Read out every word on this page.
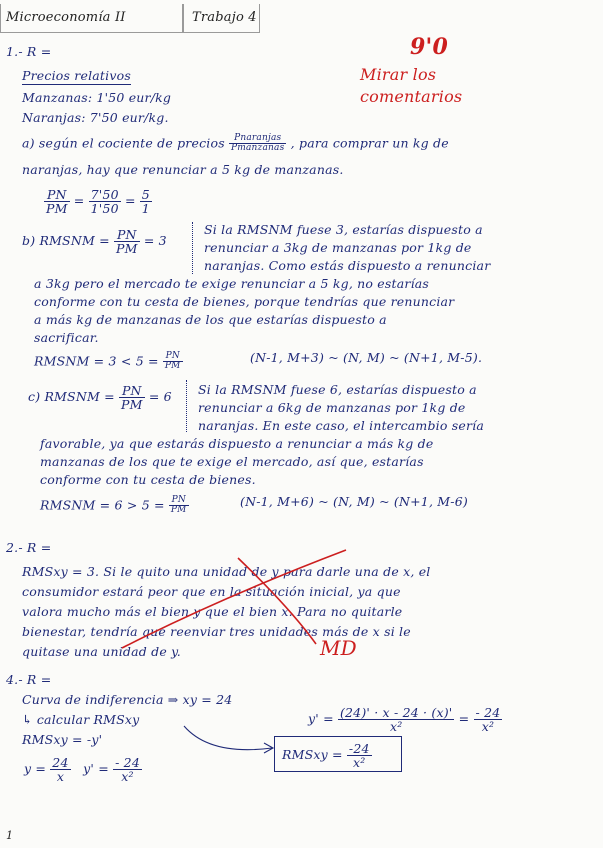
Microeconomía II	Trabajo 4
9'0
Mirar los comentarios
MD
1.- R =
Precios relativos
Manzanas: 1'50 eur/kg
Naranjas: 7'50 eur/kg.
a) según el cociente de precios $\frac{\text{Pnaranjas}}{\text{Pmanzanas}}$ , para comprar un kg de
naranjas, hay que renunciar a 5 kg de manzanas.
$\frac{PN}{PM} = \frac{7'50}{1'50} = \frac{5}{1}$
b) RMSNM = $\frac{PN}{PM} = 3$
Si la RMSNM fuese 3, estarías dispuesto a
renunciar a 3kg de manzanas por 1kg de
naranjas. Como estás dispuesto a renunciar
a 3kg pero el mercado te exige renunciar a 5 kg, no estarías
conforme con tu cesta de bienes, porque tendrías que renunciar
a más kg de manzanas de los que estarías dispuesto a
sacrificar.
RMSNM = $3 < 5 = \frac{PN}{PM}$	(N-1, M+3) ~ (N, M) ~ (N+1, M-5).
c) RMSNM = $\frac{PN}{PM} = 6$ Si la RMSNM fuese 6, estarías dispuesto a
renunciar a 6kg de manzanas por 1kg de
naranjas. En este caso, el intercambio sería
favorable, ya que estarás dispuesto a renunciar a más kg de
manzanas de los que te exige el mercado, así que, estarías
conforme con tu cesta de bienes.
RMSNM = $6 > 5 = \frac{PN}{PM}$	(N-1, M+6) ~ (N, M) ~ (N+1, M-6)
2.- R =
RMSxy = 3. Si le quito una unidad de y para darle una de x, el
consumidor estará peor que en la situación inicial, ya que
valora mucho más el bien y que el bien x. Para no quitarle
bienestar, tendría que reenviar tres unidades más de x si le
quitase una unidad de y.
4.- R =
Curva de indiferencia ⇒ xy = 24
↳ calcular RMSxy
RMSxy = -y'
$y' = \frac{(24)' \cdot x - 24 \cdot (x)'}{\text{x²}} = \frac{- 24}{\text{x²}}$
$y = \frac{24}{x} y' = \frac{- 24}{\text{x²}}$
RMSxy = $\frac{-24}{\text{x²}}$
1
